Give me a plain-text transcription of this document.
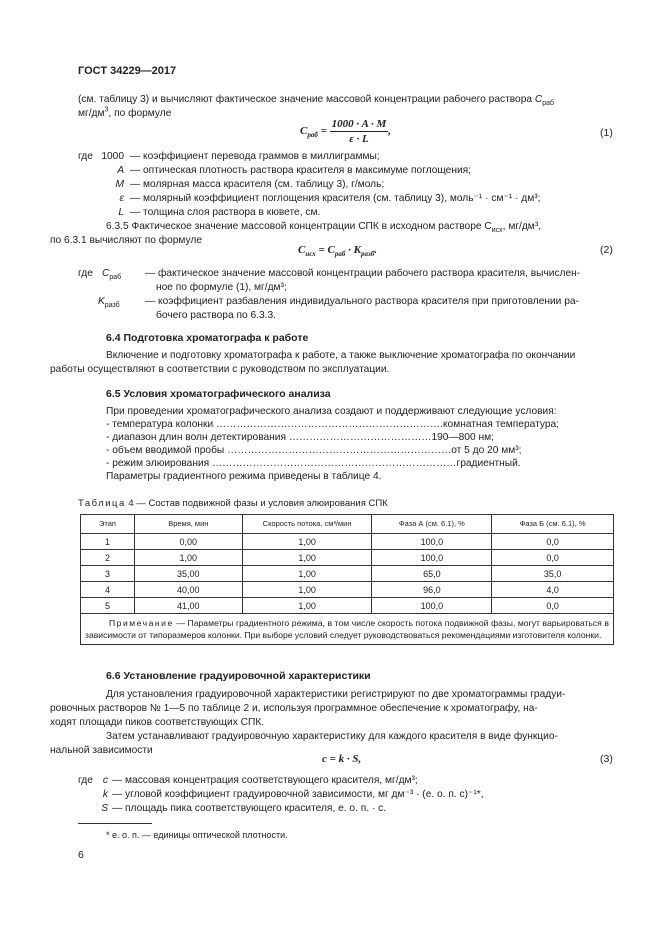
ГОСТ 34229—2017
(см. таблицу 3) и вычисляют фактическое значение массовой концентрации рабочего раствора $C_{раб}$
$мг/дм^3$, по формуле
$C_{раб} = \frac{1000 \cdot A \cdot M}{\varepsilon \cdot L}$ ,	(1)
где 1000 — коэффициент перевода граммов в миллиграммы;
A — оптическая плотность раствора красителя в максимуме поглощения;
M — молярная масса красителя (см. таблицу 3), г/моль;
ε — молярный коэффициент поглощения красителя (см. таблицу 3), моль⁻¹ · см⁻¹ · дм³;
L — толщина слоя раствора в кювете, см.
6.3.5 Фактическое значение массовой концентрации СПК в исходном растворе $C_{исх}$, мг/дм³,
по 6.3.1 вычисляют по формуле
$C_{исх} = C_{раб} \cdot K_{разб}$.	(2)
где $C_{раб}$ — фактическое значение массовой концентрации рабочего раствора красителя, вычислен-
ное по формуле (1), мг/дм³;
$K_{разб}$ — коэффициент разбавления индивидуального раствора красителя при приготовлении ра-
бочего раствора по 6.3.3.
6.4 Подготовка хроматографа к работе
Включение и подготовку хроматографа к работе, а также выключение хроматографа по окончании
работы осуществляют в соответствии с руководством по эксплуатации.
6.5 Условия хроматографического анализа
При проведении хроматографического анализа создают и поддерживают следующие условия:
- температура колонки ………………………………………………………….комнатная температура;
- диапазон длин волн детектирования ……………………………………190—800 нм;
- объем вводимой пробы …………………………………………………………от 5 до 20 мм³;
- режим элюирования ………………………………………………………………градиентный.
Параметры градиентного режима приведены в таблице 4.
Таблица 4 — Состав подвижной фазы и условия элюирования СПК
Этап	Время, мин	Скорость потока, см³/мин	Фаза А (см. 6.1), %	Фаза Б (см. 6.1), %
1	0,00	1,00	100,0	0,0
2	1,00	1,00	100,0	0,0
3	35,00	1,00	65,0	35,0
4	40,00	1,00	96,0	4,0
5	41,00	1,00	100,0	0,0
Примечание — Параметры градиентного режима, в том числе скорость потока подвижной фазы, могут варьироваться в зависимости от типоразмеров колонки. При выборе условий следует руководствоваться рекомендациями изготовителя колонки.				
6.6 Установление градуировочной характеристики
Для установления градуировочной характеристики регистрируют по две хроматограммы градуи-
ровочных растворов № 1—5 по таблице 2 и, используя программное обеспечение к хроматографу, на-
ходят площади пиков соответствующих СПК.
Затем устанавливают градуировочную характеристику для каждого красителя в виде функцио-
нальной зависимости
c = k · S,	(3)
где c — массовая концентрация соответствующего красителя, мг/дм³;
k — угловой коэффициент градуировочной зависимости, мг дм⁻³ · (е. о. п. с)⁻¹*,
S — площадь пика соответствующего красителя, е. о. п. · с.
* е. о. п. — единицы оптической плотности.
6
